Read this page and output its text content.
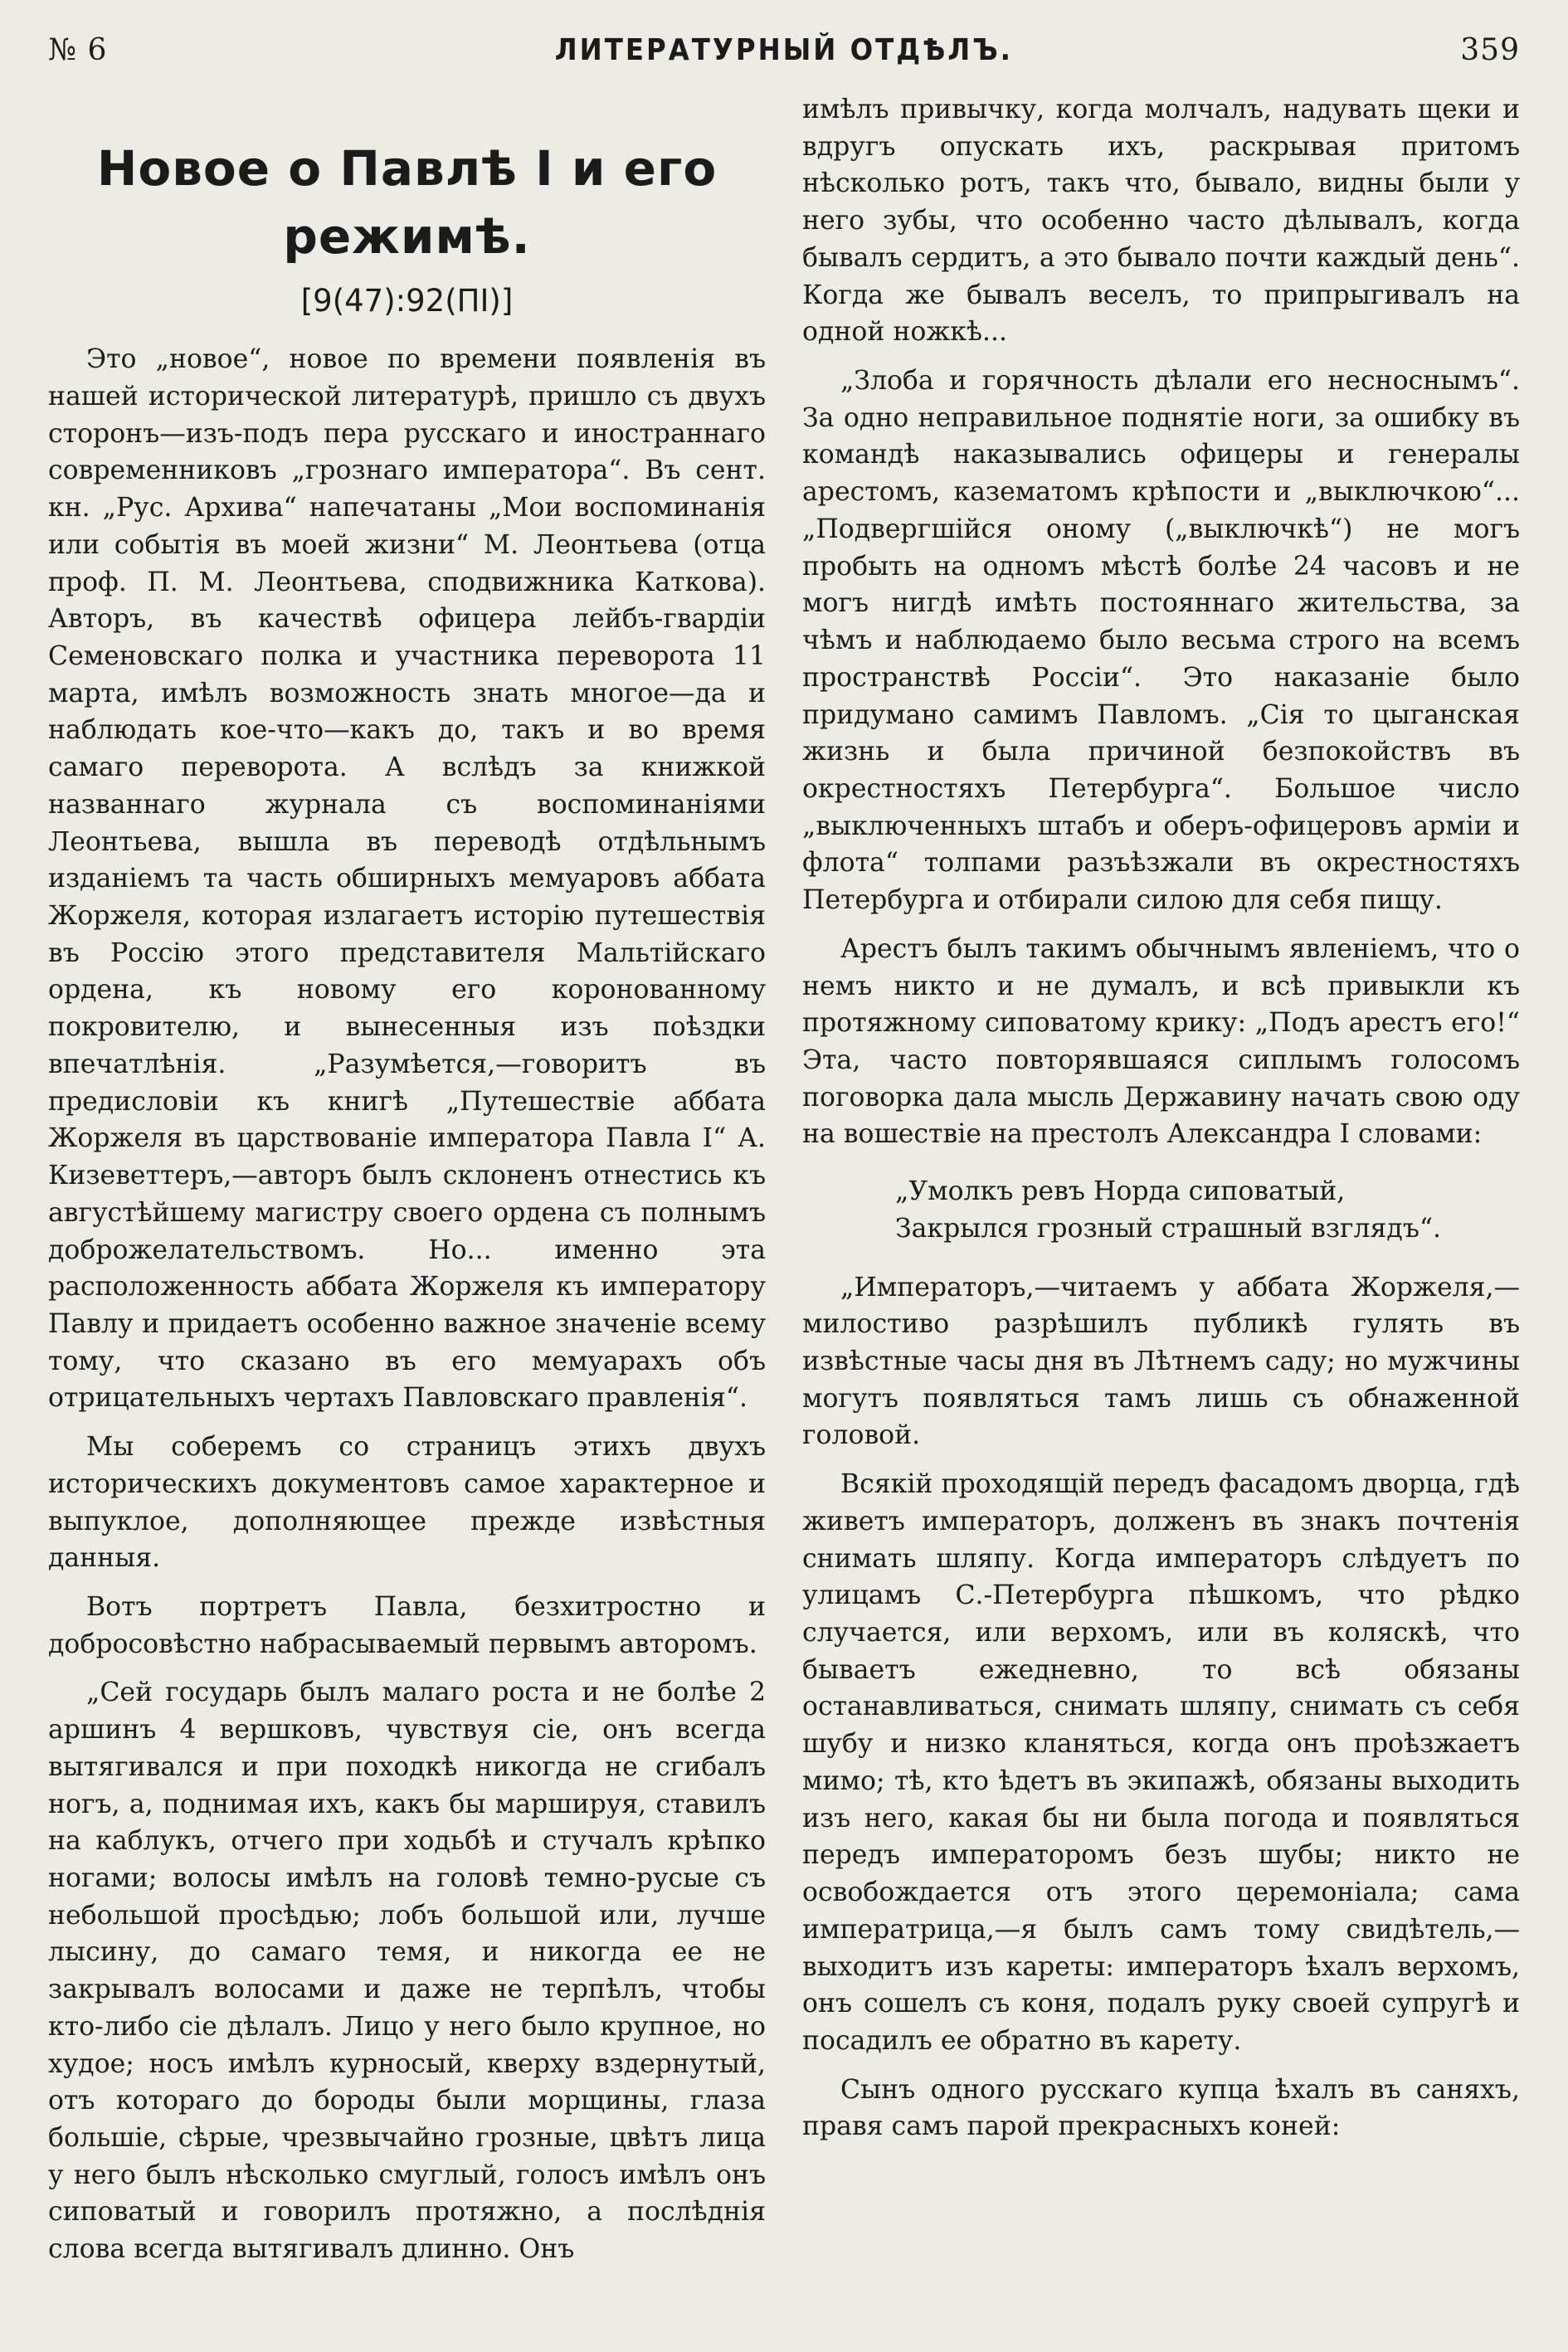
№ 6	ЛИТЕРАТУРНЫЙ ОТДѢЛЪ.	359
Новое о Павлѣ I и его режимѣ.
[9(47):92(ПІ)]

Это „новое“, новое по времени появленія въ нашей исторической литературѣ, пришло съ двухъ сторонъ—изъ-подъ пера русскаго и иностраннаго современниковъ „грознаго императора“. Въ сент. кн. „Рус. Архива“ напечатаны „Мои воспоминанія или событія въ моей жизни“ М. Леонтьева (отца проф. П. М. Леонтьева, сподвижника Каткова). Авторъ, въ качествѣ офицера лейбъ-гвардіи Семеновскаго полка и участника переворота 11 марта, имѣлъ возможность знать многое—да и наблюдать кое-что—какъ до, такъ и во время самаго переворота. А вслѣдъ за книжкой названнаго журнала съ воспоминаніями Леонтьева, вышла въ переводѣ отдѣльнымъ изданіемъ та часть обширныхъ мемуаровъ аббата Жоржеля, которая излагаетъ исторію путешествія въ Россію этого представителя Мальтійскаго ордена, къ новому его коронованному покровителю, и вынесенныя изъ поѣздки впечатлѣнія. „Разумѣется,—говоритъ въ предисловіи къ книгѣ „Путешествіе аббата Жоржеля въ царствованіе императора Павла I“ А. Кизеветтеръ,—авторъ былъ склоненъ отнестись къ августѣйшему магистру своего ордена съ полнымъ доброжелательствомъ. Но... именно эта расположенность аббата Жоржеля къ императору Павлу и придаетъ особенно важное значеніе всему тому, что сказано въ его мемуарахъ объ отрицательныхъ чертахъ Павловскаго правленія“.

Мы соберемъ со страницъ этихъ двухъ историческихъ документовъ самое характерное и выпуклое, дополняющее прежде извѣстныя данныя.

Вотъ портретъ Павла, безхитростно и добросовѣстно набрасываемый первымъ авторомъ.

„Сей государь былъ малаго роста и не болѣе 2 аршинъ 4 вершковъ, чувствуя сіе, онъ всегда вытягивался и при походкѣ никогда не сгибалъ ногъ, а, поднимая ихъ, какъ бы маршируя, ставилъ на каблукъ, отчего при ходьбѣ и стучалъ крѣпко ногами; волосы имѣлъ на головѣ темно-русые съ небольшой просѣдью; лобъ большой или, лучше лысину, до самаго темя, и никогда ее не закрывалъ волосами и даже не терпѣлъ, чтобы кто-либо сіе дѣлалъ. Лицо у него было крупное, но худое; носъ имѣлъ курносый, кверху вздернутый, отъ котораго до бороды были морщины, глаза большіе, сѣрые, чрезвычайно грозные, цвѣтъ лица у него былъ нѣсколько смуглый, голосъ имѣлъ онъ сиповатый и говорилъ протяжно, а послѣднія слова всегда вытягивалъ длинно. Онъ

имѣлъ привычку, когда молчалъ, надувать щеки и вдругъ опускать ихъ, раскрывая притомъ нѣсколько ротъ, такъ что, бывало, видны были у него зубы, что особенно часто дѣлывалъ, когда бывалъ сердитъ, а это бывало почти каждый день“. Когда же бывалъ веселъ, то припрыгивалъ на одной ножкѣ...

„Злоба и горячность дѣлали его несноснымъ“. За одно неправильное поднятіе ноги, за ошибку въ командѣ наказывались офицеры и генералы арестомъ, казематомъ крѣпости и „выключкою“... „Подвергшійся оному („выключкѣ“) не могъ пробыть на одномъ мѣстѣ болѣе 24 часовъ и не могъ нигдѣ имѣть постояннаго жительства, за чѣмъ и наблюдаемо было весьма строго на всемъ пространствѣ Россіи“. Это наказаніе было придумано самимъ Павломъ. „Сія то цыганская жизнь и была причиной безпокойствъ въ окрестностяхъ Петербурга“. Большое число „выключенныхъ штабъ и оберъ-офицеровъ арміи и флота“ толпами разъѣзжали въ окрестностяхъ Петербурга и отбирали силою для себя пищу.

Арестъ былъ такимъ обычнымъ явленіемъ, что о немъ никто и не думалъ, и всѣ привыкли къ протяжному сиповатому крику: „Подъ арестъ его!“ Эта, часто повторявшаяся сиплымъ голосомъ поговорка дала мысль Державину начать свою оду на вошествіе на престолъ Александра I словами:

„Умолкъ ревъ Норда сиповатый,
Закрылся грозный страшный взглядъ“.

„Императоръ,—читаемъ у аббата Жоржеля,—милостиво разрѣшилъ публикѣ гулять въ извѣстные часы дня въ Лѣтнемъ саду; но мужчины могутъ появляться тамъ лишь съ обнаженной головой.

Всякій проходящій передъ фасадомъ дворца, гдѣ живетъ императоръ, долженъ въ знакъ почтенія снимать шляпу. Когда императоръ слѣдуетъ по улицамъ С.-Петербурга пѣшкомъ, что рѣдко случается, или верхомъ, или въ коляскѣ, что бываетъ ежедневно, то всѣ обязаны останавливаться, снимать шляпу, снимать съ себя шубу и низко кланяться, когда онъ проѣзжаетъ мимо; тѣ, кто ѣдетъ въ экипажѣ, обязаны выходить изъ него, какая бы ни была погода и появляться передъ императоромъ безъ шубы; никто не освобождается отъ этого церемоніала; сама императрица,—я былъ самъ тому свидѣтель,—выходитъ изъ кареты: императоръ ѣхалъ верхомъ, онъ сошелъ съ коня, подалъ руку своей супругѣ и посадилъ ее обратно въ карету.

Сынъ одного русскаго купца ѣхалъ въ саняхъ, правя самъ парой прекрасныхъ коней:
